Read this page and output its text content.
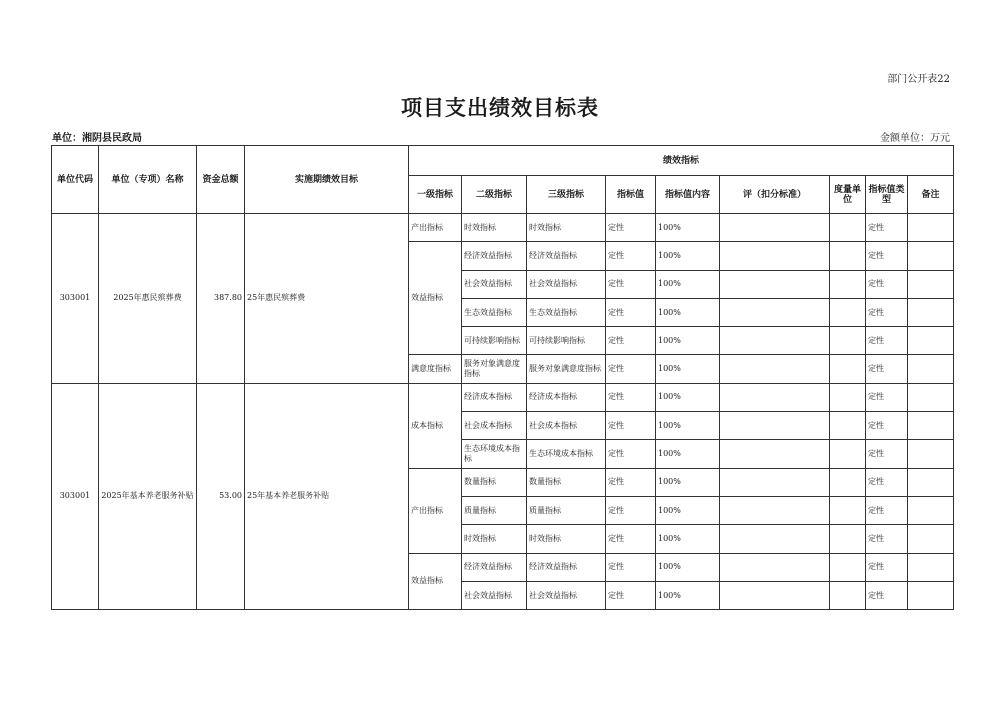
部门公开表22
项目支出绩效目标表
单位：湘阴县民政局	金额单位：万元
单位代码	单位（专项）名称	资金总额	实施期绩效目标	绩效指标								
				一级指标	二级指标	三级指标	指标值	指标值内容	评（扣分标准）	度量单位	指标值类型	备注
303001	2025年惠民殡葬费	387.80	25年惠民殡葬费	产出指标	时效指标	时效指标	定性	100%			定性	
				效益指标	经济效益指标	经济效益指标	定性	100%			定性	
					社会效益指标	社会效益指标	定性	100%			定性	
					生态效益指标	生态效益指标	定性	100%			定性	
					可持续影响指标	可持续影响指标	定性	100%			定性	
				满意度指标	服务对象满意度指标	服务对象满意度指标	定性	100%			定性	
303001	2025年基本养老服务补贴	53.00	25年基本养老服务补贴	成本指标	经济成本指标	经济成本指标	定性	100%			定性	
					社会成本指标	社会成本指标	定性	100%			定性	
					生态环境成本指标	生态环境成本指标	定性	100%			定性	
				产出指标	数量指标	数量指标	定性	100%			定性	
					质量指标	质量指标	定性	100%			定性	
					时效指标	时效指标	定性	100%			定性	
				效益指标	经济效益指标	经济效益指标	定性	100%			定性	
					社会效益指标	社会效益指标	定性	100%			定性	
